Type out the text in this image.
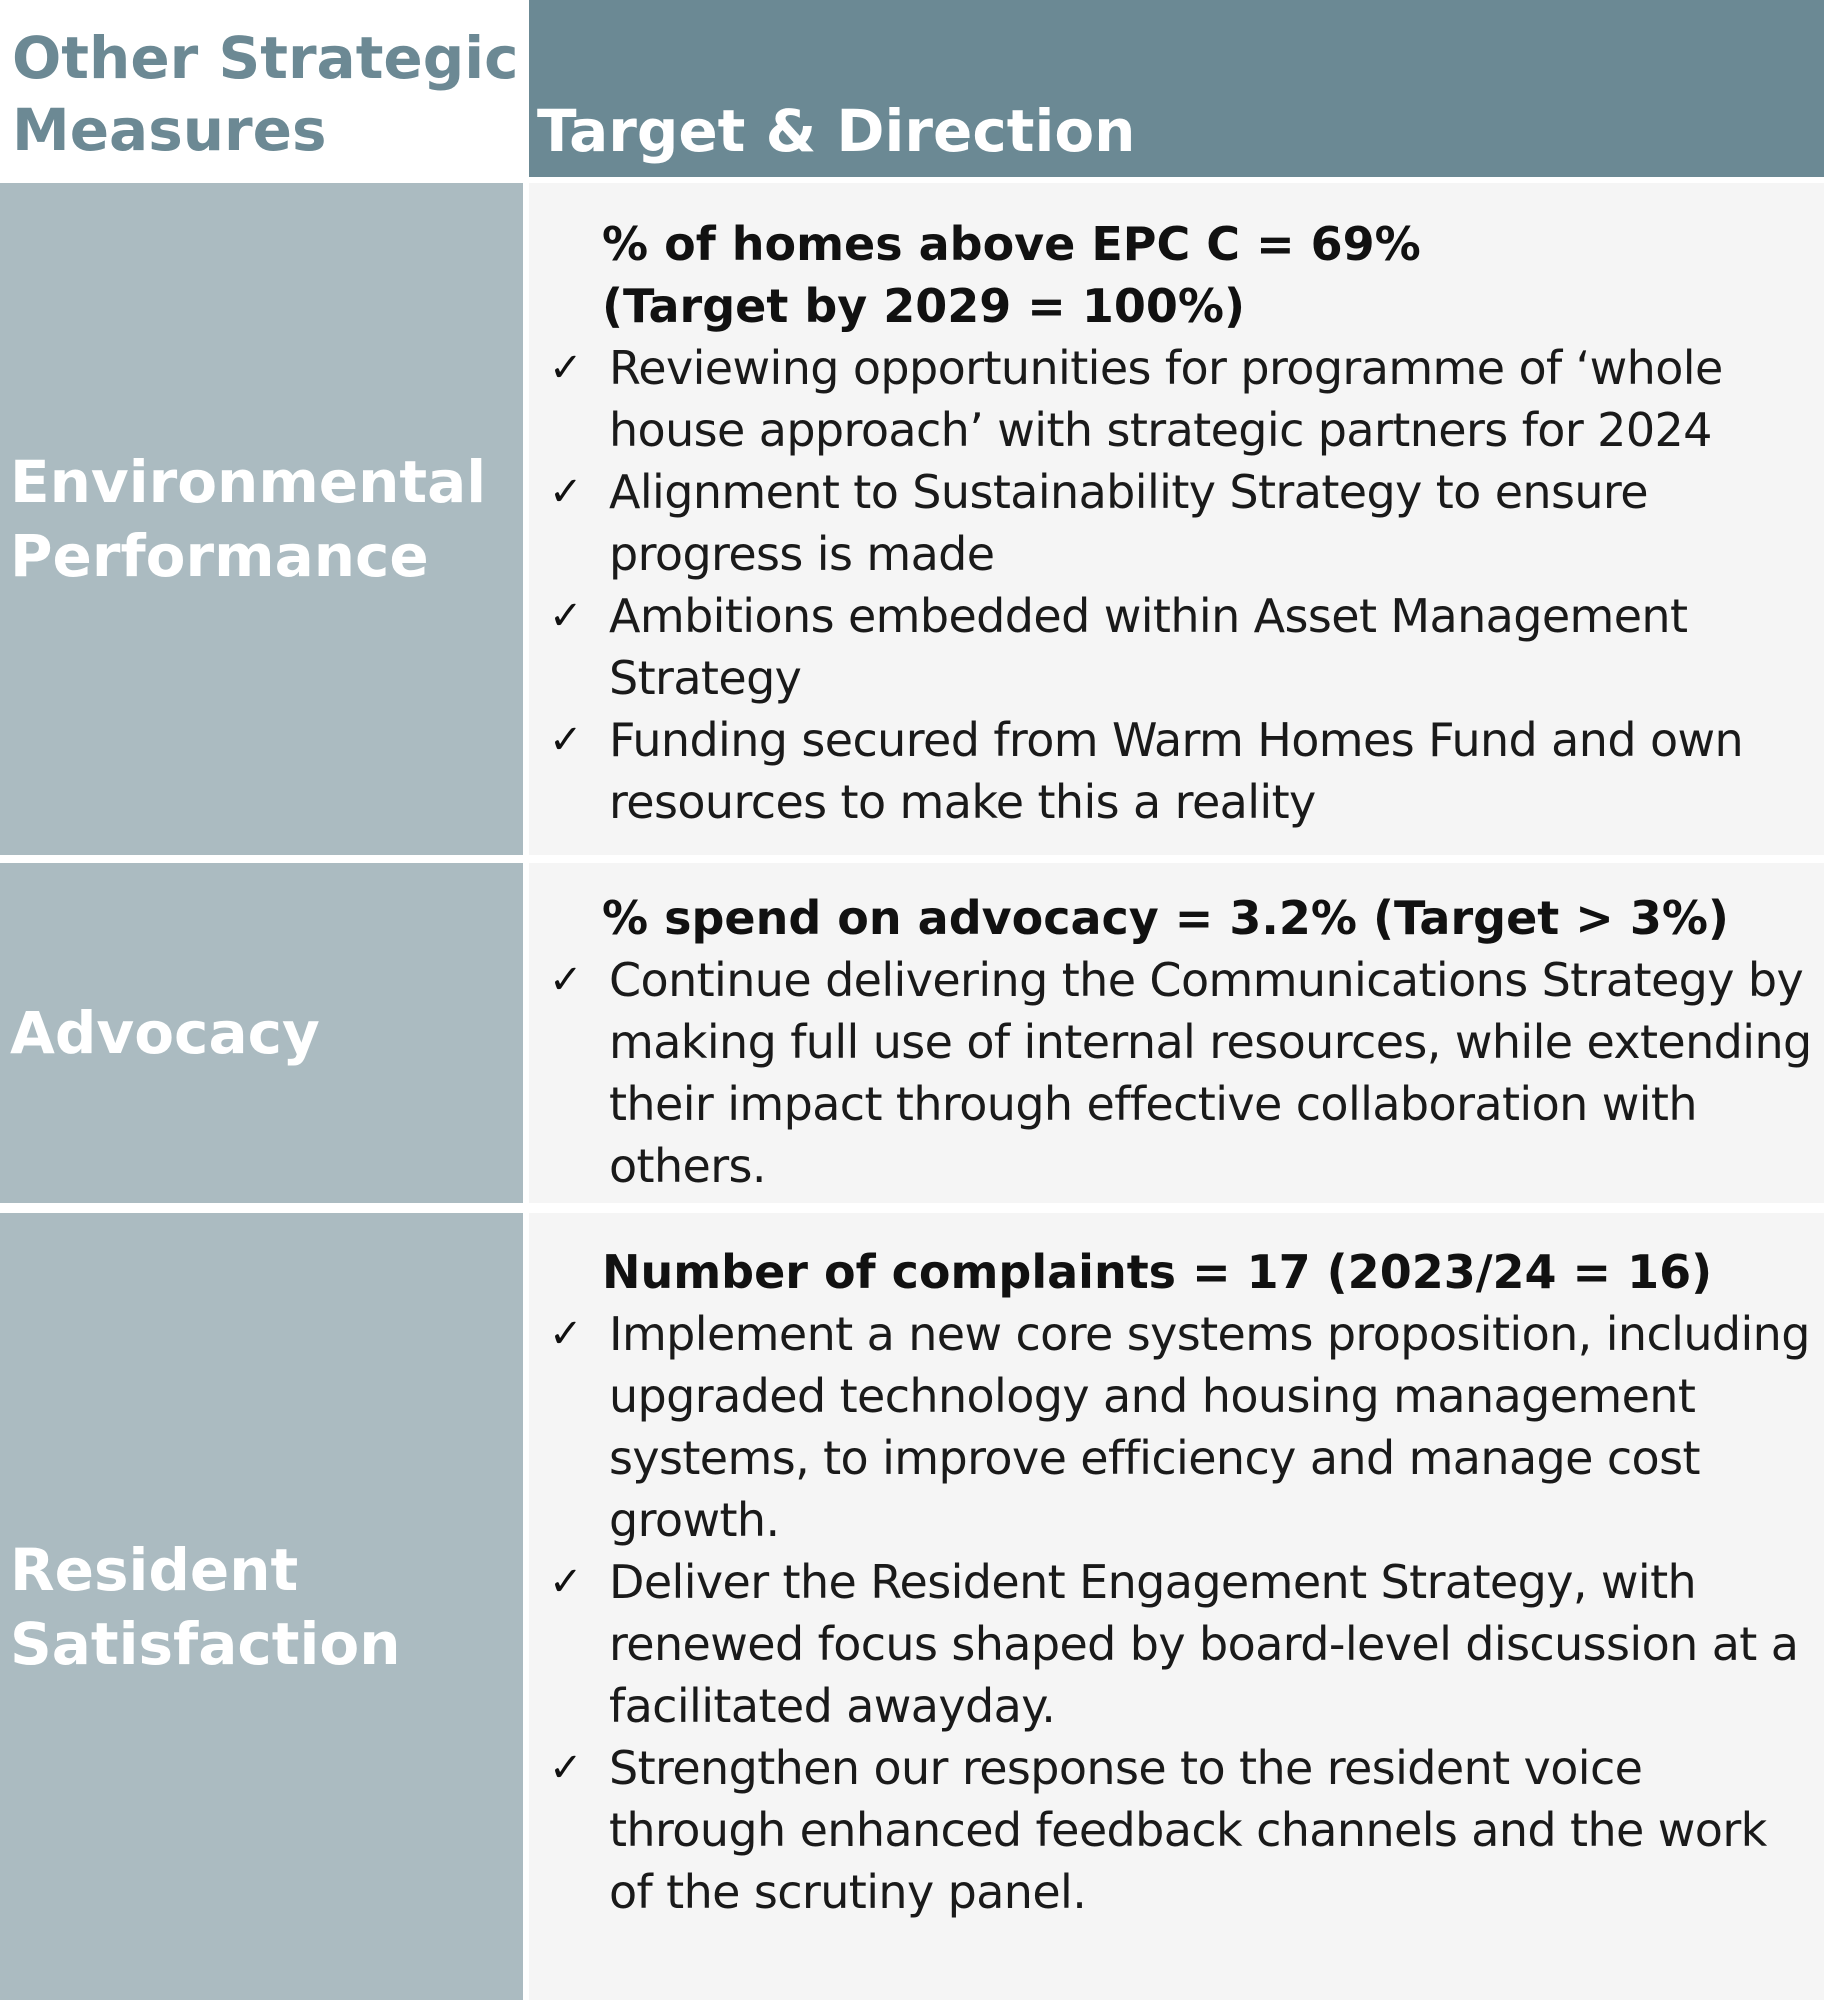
Other Strategic
Measures	Target & Direction

Environmental
Performance

% of homes above EPC C = 69%
(Target by 2029 = 100%)

✓ Reviewing opportunities for programme of ‘whole house approach’ with strategic partners for 2024
✓ Alignment to Sustainability Strategy to ensure progress is made
✓ Ambitions embedded within Asset Management Strategy
✓ Funding secured from Warm Homes Fund and own resources to make this a reality

Advocacy

% spend on advocacy = 3.2% (Target > 3%)

✓ Continue delivering the Communications Strategy by making full use of internal resources, while extending their impact through effective collaboration with others.

Resident
Satisfaction

Number of complaints = 17 (2023/24 = 16)

✓ Implement a new core systems proposition, including upgraded technology and housing management systems, to improve efficiency and manage cost growth.
✓ Deliver the Resident Engagement Strategy, with renewed focus shaped by board-level discussion at a facilitated awayday.
✓ Strengthen our response to the resident voice through enhanced feedback channels and the work of the scrutiny panel.
